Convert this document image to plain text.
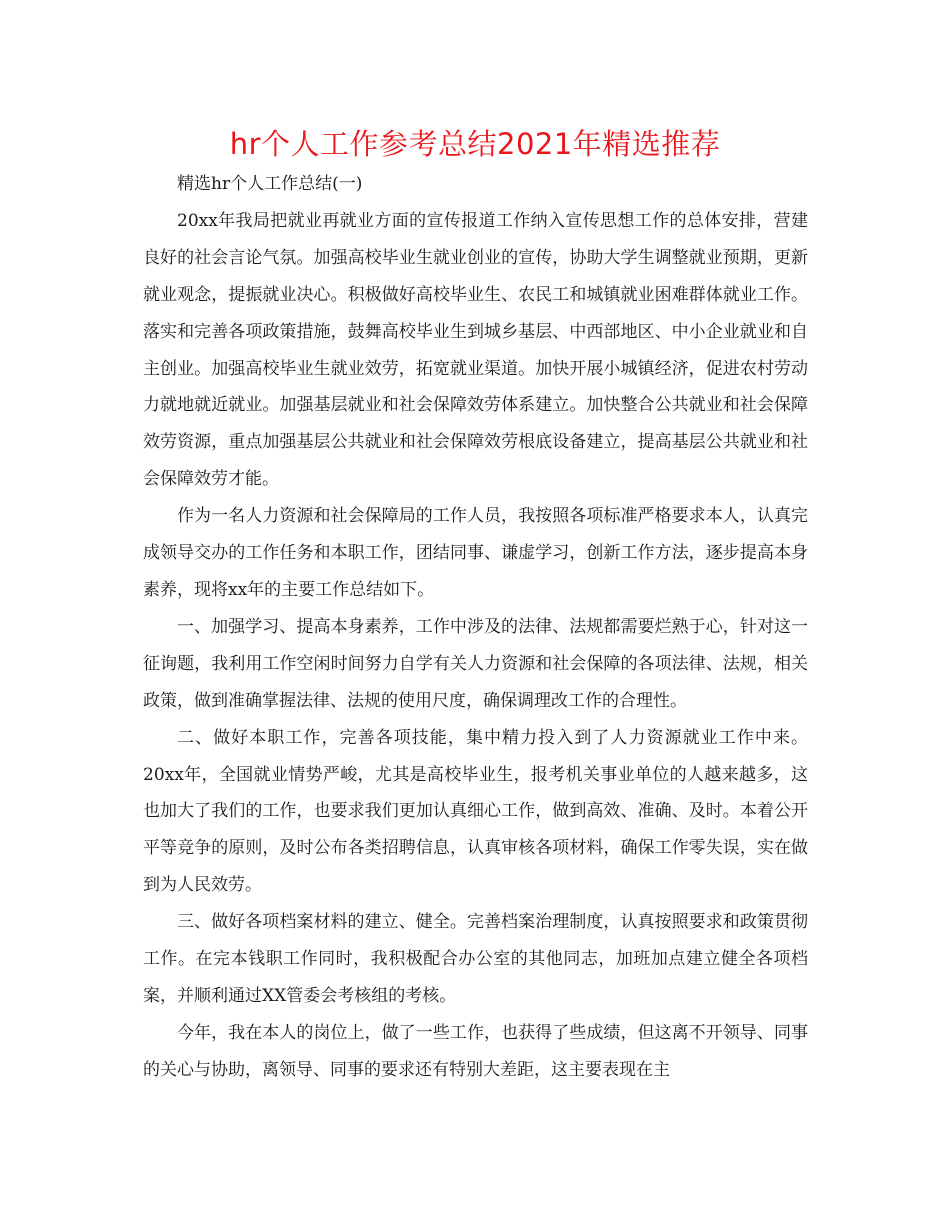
hr个人工作参考总结2021年精选推荐

精选hr个人工作总结(一)

20xx年我局把就业再就业方面的宣传报道工作纳入宣传思想工作的总体安排，营建良好的社会言论气氛。加强高校毕业生就业创业的宣传，协助大学生调整就业预期，更新就业观念，提振就业决心。积极做好高校毕业生、农民工和城镇就业困难群体就业工作。落实和完善各项政策措施，鼓舞高校毕业生到城乡基层、中西部地区、中小企业就业和自主创业。加强高校毕业生就业效劳，拓宽就业渠道。加快开展小城镇经济，促进农村劳动力就地就近就业。加强基层就业和社会保障效劳体系建立。加快整合公共就业和社会保障效劳资源，重点加强基层公共就业和社会保障效劳根底设备建立，提高基层公共就业和社会保障效劳才能。

作为一名人力资源和社会保障局的工作人员，我按照各项标准严格要求本人，认真完成领导交办的工作任务和本职工作，团结同事、谦虚学习，创新工作方法，逐步提高本身素养，现将xx年的主要工作总结如下。

一、加强学习、提高本身素养，工作中涉及的法律、法规都需要烂熟于心，针对这一征询题，我利用工作空闲时间努力自学有关人力资源和社会保障的各项法律、法规，相关政策，做到准确掌握法律、法规的使用尺度，确保调理改工作的合理性。

二、做好本职工作，完善各项技能，集中精力投入到了人力资源就业工作中来。20xx年，全国就业情势严峻，尤其是高校毕业生，报考机关事业单位的人越来越多，这也加大了我们的工作，也要求我们更加认真细心工作，做到高效、准确、及时。本着公开平等竞争的原则，及时公布各类招聘信息，认真审核各项材料，确保工作零失误，实在做到为人民效劳。

三、做好各项档案材料的建立、健全。完善档案治理制度，认真按照要求和政策贯彻工作。在完本钱职工作同时，我积极配合办公室的其他同志，加班加点建立健全各项档案，并顺利通过XX管委会考核组的考核。

今年，我在本人的岗位上，做了一些工作，也获得了些成绩，但这离不开领导、同事的关心与协助，离领导、同事的要求还有特别大差距，这主要表现在主
